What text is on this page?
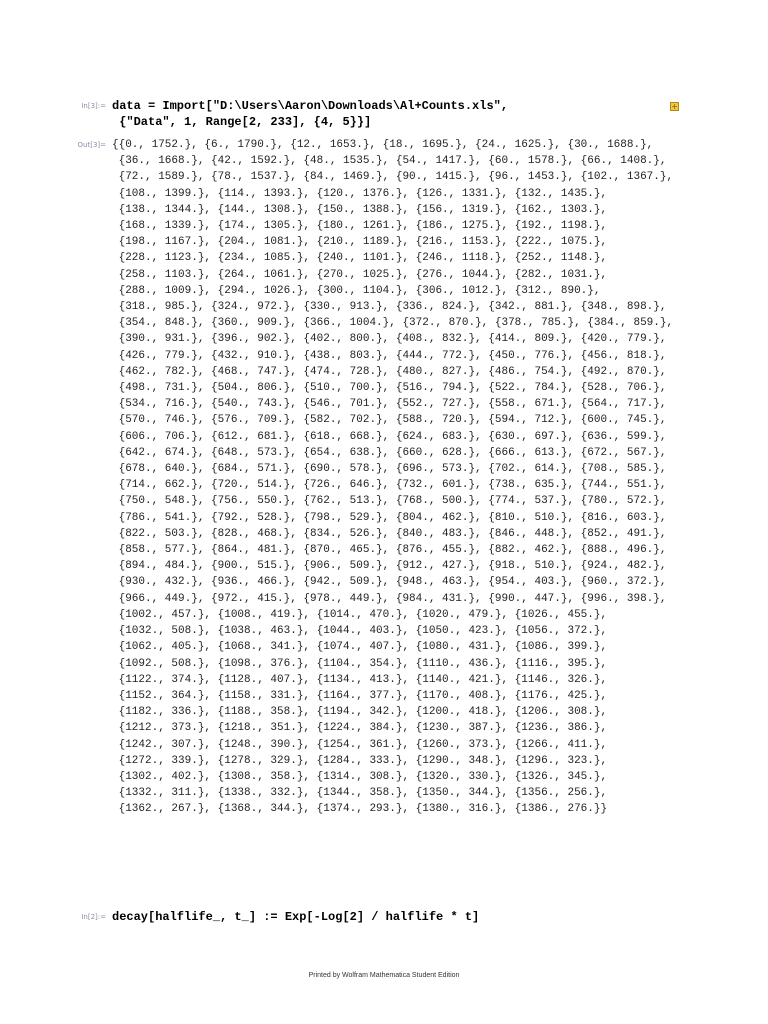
In[3]:= data = Import["D:\Users\Aaron\Downloads\Al+Counts.xls",
{"Data", 1, Range[2, 233], {4, 5}}]
+
Out[3]= {{0., 1752.}, {6., 1790.}, {12., 1653.}, {18., 1695.}, {24., 1625.}, {30., 1688.},
{36., 1668.}, {42., 1592.}, {48., 1535.}, {54., 1417.}, {60., 1578.}, {66., 1408.},
{72., 1589.}, {78., 1537.}, {84., 1469.}, {90., 1415.}, {96., 1453.}, {102., 1367.},
{108., 1399.}, {114., 1393.}, {120., 1376.}, {126., 1331.}, {132., 1435.},
{138., 1344.}, {144., 1308.}, {150., 1388.}, {156., 1319.}, {162., 1303.},
{168., 1339.}, {174., 1305.}, {180., 1261.}, {186., 1275.}, {192., 1198.},
{198., 1167.}, {204., 1081.}, {210., 1189.}, {216., 1153.}, {222., 1075.},
{228., 1123.}, {234., 1085.}, {240., 1101.}, {246., 1118.}, {252., 1148.},
{258., 1103.}, {264., 1061.}, {270., 1025.}, {276., 1044.}, {282., 1031.},
{288., 1009.}, {294., 1026.}, {300., 1104.}, {306., 1012.}, {312., 890.},
{318., 985.}, {324., 972.}, {330., 913.}, {336., 824.}, {342., 881.}, {348., 898.},
{354., 848.}, {360., 909.}, {366., 1004.}, {372., 870.}, {378., 785.}, {384., 859.},
{390., 931.}, {396., 902.}, {402., 800.}, {408., 832.}, {414., 809.}, {420., 779.},
{426., 779.}, {432., 910.}, {438., 803.}, {444., 772.}, {450., 776.}, {456., 818.},
{462., 782.}, {468., 747.}, {474., 728.}, {480., 827.}, {486., 754.}, {492., 870.},
{498., 731.}, {504., 806.}, {510., 700.}, {516., 794.}, {522., 784.}, {528., 706.},
{534., 716.}, {540., 743.}, {546., 701.}, {552., 727.}, {558., 671.}, {564., 717.},
{570., 746.}, {576., 709.}, {582., 702.}, {588., 720.}, {594., 712.}, {600., 745.},
{606., 706.}, {612., 681.}, {618., 668.}, {624., 683.}, {630., 697.}, {636., 599.},
{642., 674.}, {648., 573.}, {654., 638.}, {660., 628.}, {666., 613.}, {672., 567.},
{678., 640.}, {684., 571.}, {690., 578.}, {696., 573.}, {702., 614.}, {708., 585.},
{714., 662.}, {720., 514.}, {726., 646.}, {732., 601.}, {738., 635.}, {744., 551.},
{750., 548.}, {756., 550.}, {762., 513.}, {768., 500.}, {774., 537.}, {780., 572.},
{786., 541.}, {792., 528.}, {798., 529.}, {804., 462.}, {810., 510.}, {816., 603.},
{822., 503.}, {828., 468.}, {834., 526.}, {840., 483.}, {846., 448.}, {852., 491.},
{858., 577.}, {864., 481.}, {870., 465.}, {876., 455.}, {882., 462.}, {888., 496.},
{894., 484.}, {900., 515.}, {906., 509.}, {912., 427.}, {918., 510.}, {924., 482.},
{930., 432.}, {936., 466.}, {942., 509.}, {948., 463.}, {954., 403.}, {960., 372.},
{966., 449.}, {972., 415.}, {978., 449.}, {984., 431.}, {990., 447.}, {996., 398.},
{1002., 457.}, {1008., 419.}, {1014., 470.}, {1020., 479.}, {1026., 455.},
{1032., 508.}, {1038., 463.}, {1044., 403.}, {1050., 423.}, {1056., 372.},
{1062., 405.}, {1068., 341.}, {1074., 407.}, {1080., 431.}, {1086., 399.},
{1092., 508.}, {1098., 376.}, {1104., 354.}, {1110., 436.}, {1116., 395.},
{1122., 374.}, {1128., 407.}, {1134., 413.}, {1140., 421.}, {1146., 326.},
{1152., 364.}, {1158., 331.}, {1164., 377.}, {1170., 408.}, {1176., 425.},
{1182., 336.}, {1188., 358.}, {1194., 342.}, {1200., 418.}, {1206., 308.},
{1212., 373.}, {1218., 351.}, {1224., 384.}, {1230., 387.}, {1236., 386.},
{1242., 307.}, {1248., 390.}, {1254., 361.}, {1260., 373.}, {1266., 411.},
{1272., 339.}, {1278., 329.}, {1284., 333.}, {1290., 348.}, {1296., 323.},
{1302., 402.}, {1308., 358.}, {1314., 308.}, {1320., 330.}, {1326., 345.},
{1332., 311.}, {1338., 332.}, {1344., 358.}, {1350., 344.}, {1356., 256.},
{1362., 267.}, {1368., 344.}, {1374., 293.}, {1380., 316.}, {1386., 276.}}
In[2]:= decay[halflife_, t_] := Exp[-Log[2] / halflife * t]
Printed by Wolfram Mathematica Student Edition
